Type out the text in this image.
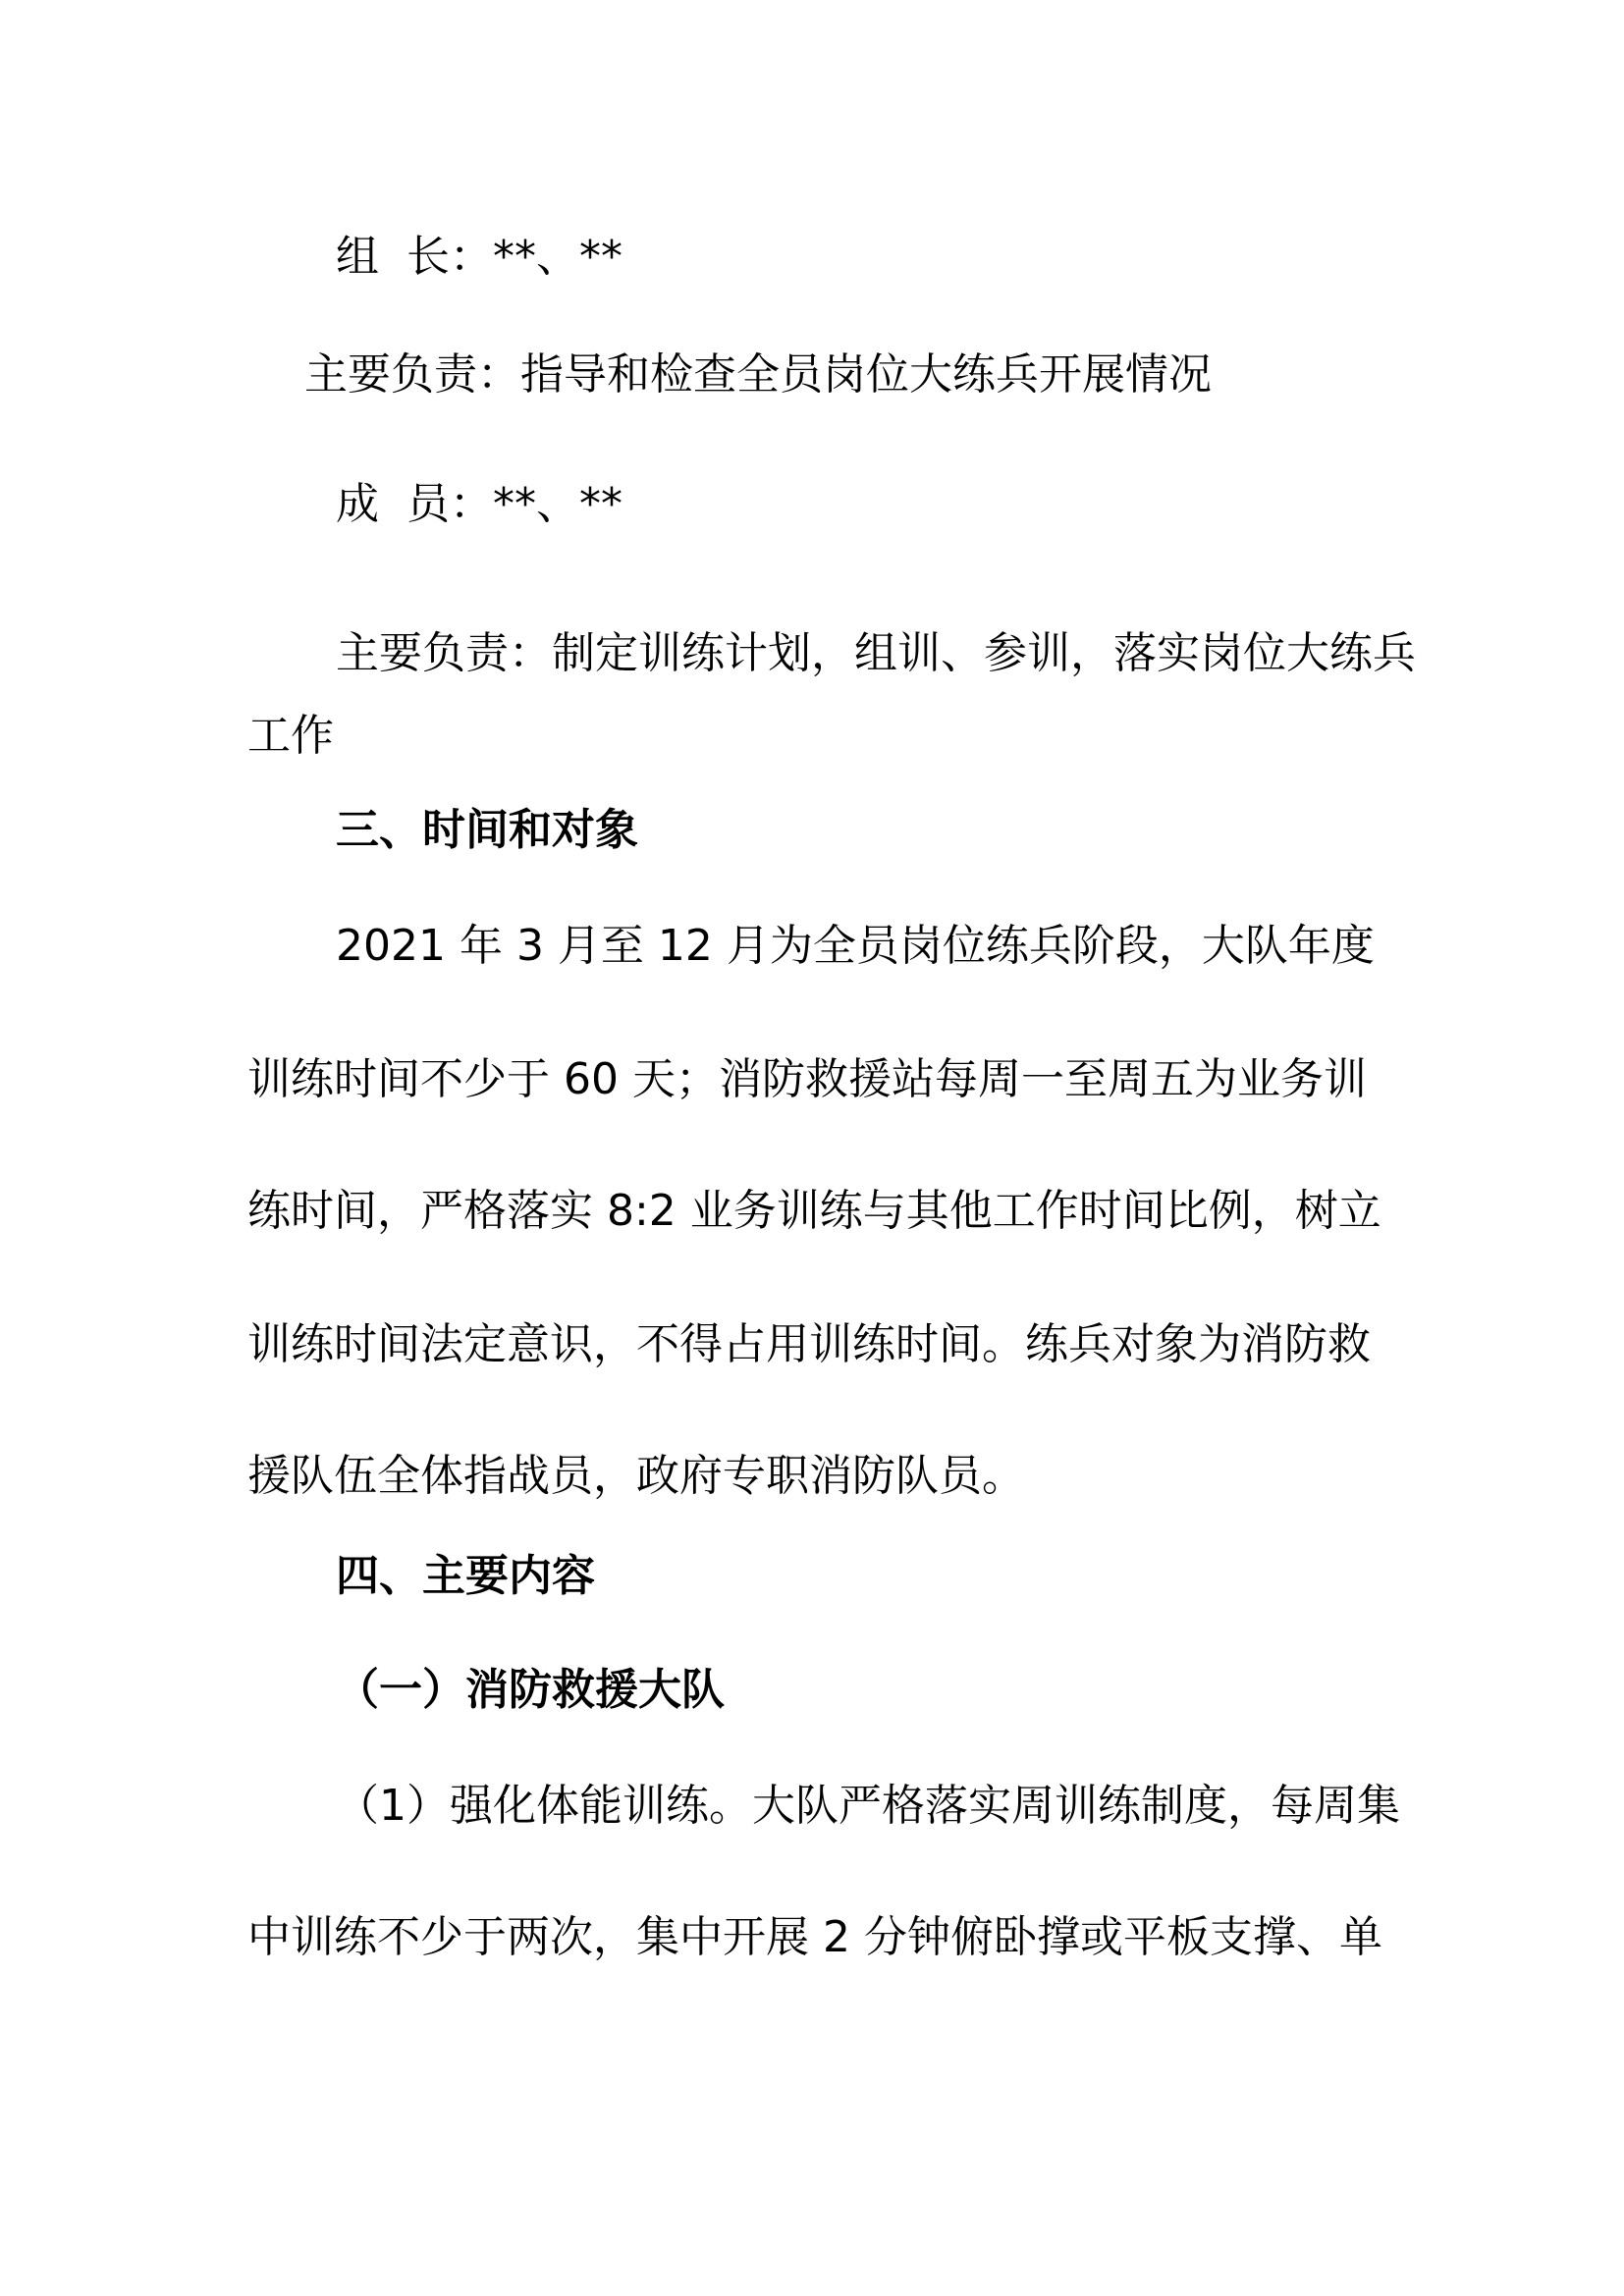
组  长：**、**
主要负责：指导和检查全员岗位大练兵开展情况
成  员：**、**
主要负责：制定训练计划，组训、参训，落实岗位大练兵
工作
三、时间和对象
2021 年 3 月至 12 月为全员岗位练兵阶段，大队年度
训练时间不少于 60 天；消防救援站每周一至周五为业务训
练时间，严格落实 8:2 业务训练与其他工作时间比例，树立
训练时间法定意识，不得占用训练时间。练兵对象为消防救
援队伍全体指战员，政府专职消防队员。
四、主要内容
（一）消防救援大队
（1）强化体能训练。大队严格落实周训练制度，每周集
中训练不少于两次，集中开展 2 分钟俯卧撑或平板支撑、单
